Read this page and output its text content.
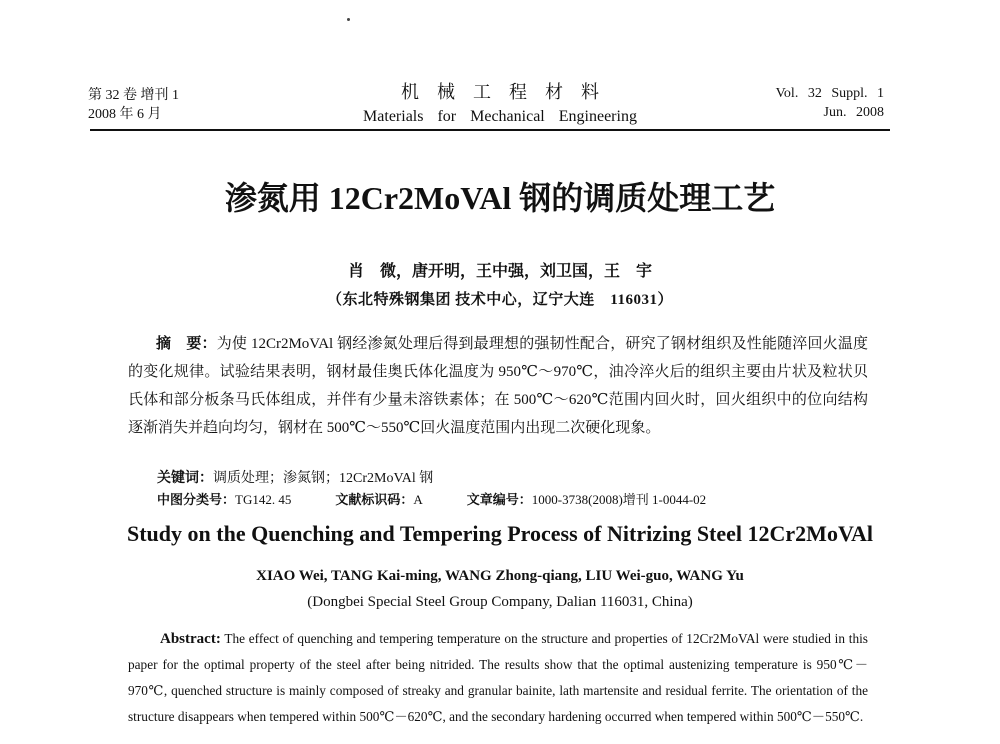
第 32 卷 增刊 1
2008 年 6 月
机械工程材料
Materials for Mechanical Engineering
Vol. 32 Suppl. 1
Jun. 2008
渗氮用 12Cr2MoVAl 钢的调质处理工艺
肖　微，唐开明，王中强，刘卫国，王　宇
（东北特殊钢集团 技术中心，辽宁大连　116031）
摘　要：为使 12Cr2MoVAl 钢经渗氮处理后得到最理想的强韧性配合，研究了钢材组织及性能随淬回火温度的变化规律。试验结果表明，钢材最佳奥氏体化温度为 950℃～970℃，油冷淬火后的组织主要由片状及粒状贝氏体和部分板条马氏体组成，并伴有少量未溶铁素体；在 500℃～620℃范围内回火时，回火组织中的位向结构逐渐消失并趋向均匀，钢材在 500℃～550℃回火温度范围内出现二次硬化现象。
关键词：调质处理；渗氮钢；12Cr2MoVAl 钢
中图分类号：TG142. 45	文献标识码：A	文章编号：1000-3738(2008)增刊 1-0044-02
Study on the Quenching and Tempering Process of Nitrizing Steel 12Cr2MoVAl
XIAO Wei, TANG Kai-ming, WANG Zhong-qiang, LIU Wei-guo, WANG Yu
(Dongbei Special Steel Group Company, Dalian 116031, China)
Abstract: The effect of quenching and tempering temperature on the structure and properties of 12Cr2MoVAl were studied in this paper for the optimal property of the steel after being nitrided. The results show that the optimal austenizing temperature is 950℃－970℃, quenched structure is mainly composed of streaky and granular bainite, lath martensite and residual ferrite. The orientation of the structure disappears when tempered within 500℃－620℃, and the secondary hardening occurred when tempered within 500℃－550℃.
